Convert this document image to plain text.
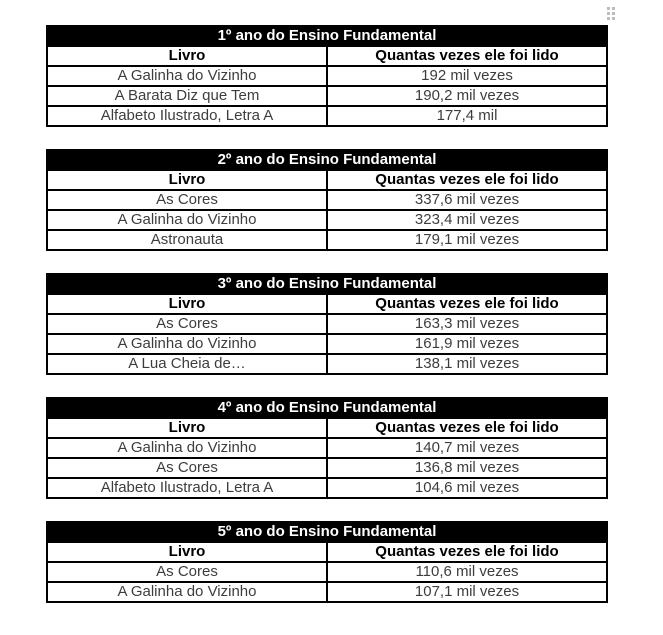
1º ano do Ensino Fundamental	
Livro	Quantas vezes ele foi lido
A Galinha do Vizinho	192 mil vezes
A Barata Diz que Tem	190,2 mil vezes
Alfabeto Ilustrado, Letra A	177,4 mil
2º ano do Ensino Fundamental	
Livro	Quantas vezes ele foi lido
As Cores	337,6 mil vezes
A Galinha do Vizinho	323,4 mil vezes
Astronauta	179,1 mil vezes
3º ano do Ensino Fundamental	
Livro	Quantas vezes ele foi lido
As Cores	163,3 mil vezes
A Galinha do Vizinho	161,9 mil vezes
A Lua Cheia de…	138,1 mil vezes
4º ano do Ensino Fundamental	
Livro	Quantas vezes ele foi lido
A Galinha do Vizinho	140,7 mil vezes
As Cores	136,8 mil vezes
Alfabeto Ilustrado, Letra A	104,6 mil vezes
5º ano do Ensino Fundamental	
Livro	Quantas vezes ele foi lido
As Cores	110,6 mil vezes
A Galinha do Vizinho	107,1 mil vezes
